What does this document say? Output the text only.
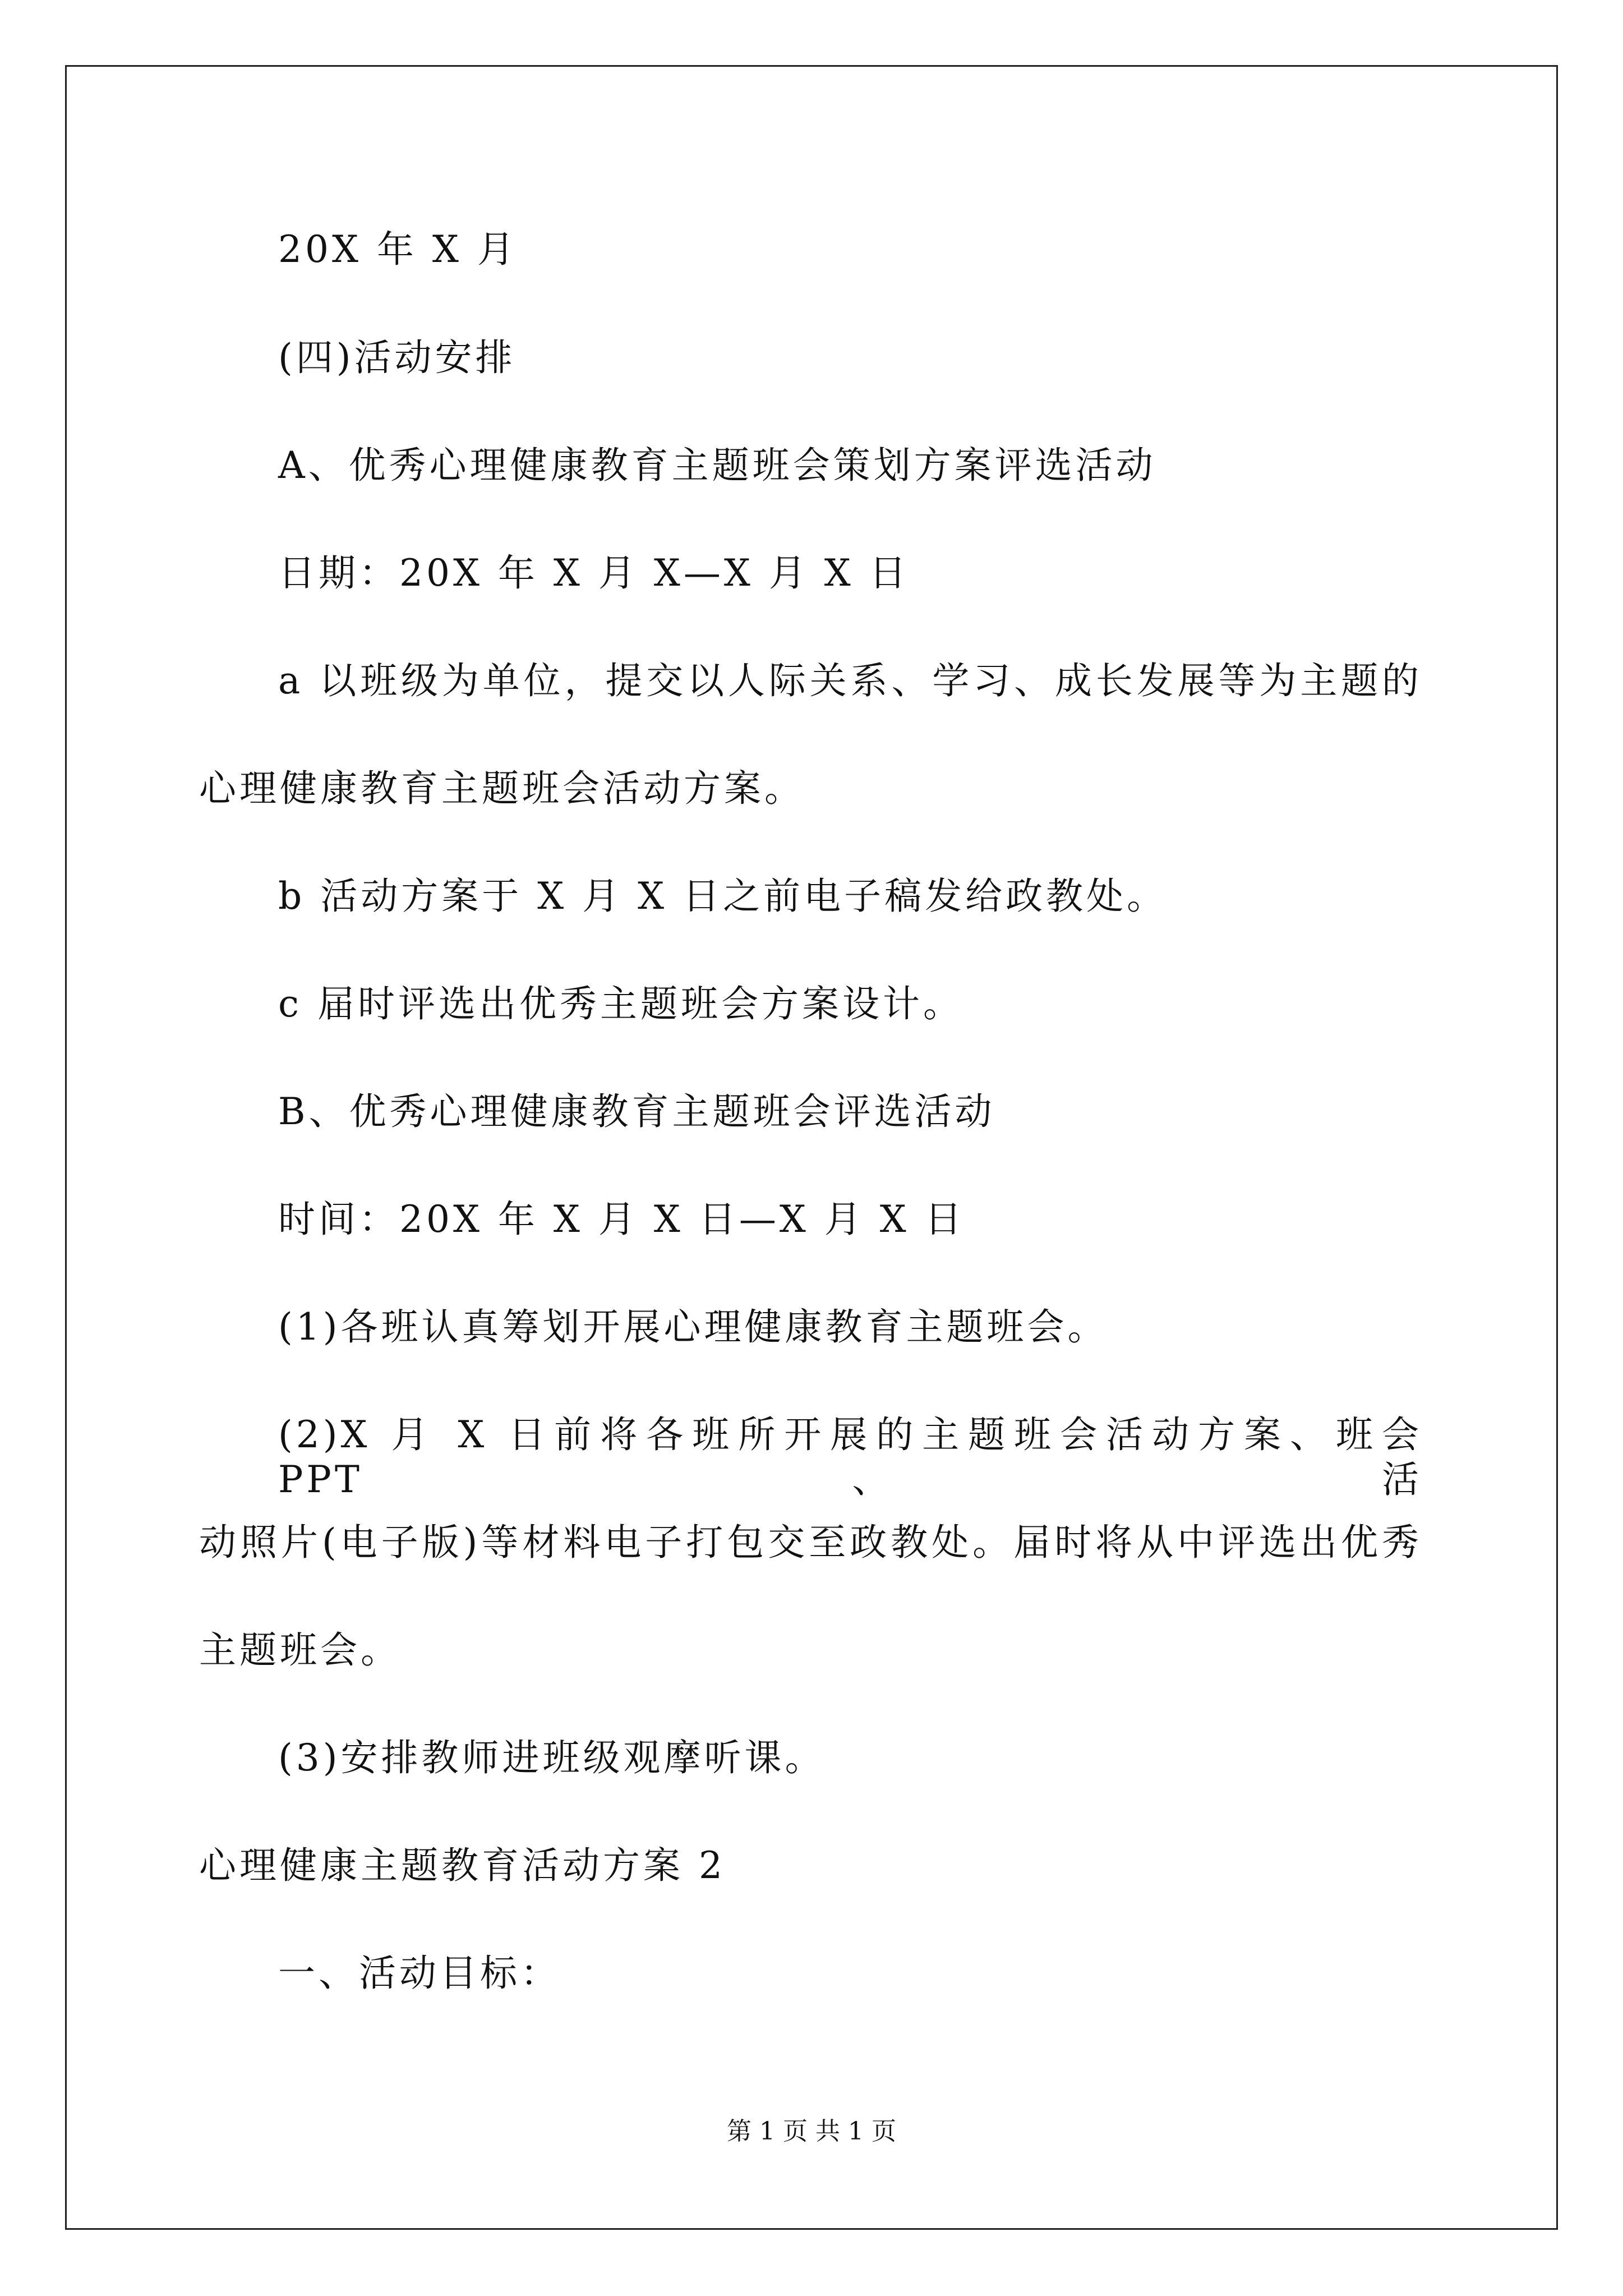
20X 年 X 月
(四)活动安排
A、优秀心理健康教育主题班会策划方案评选活动
日期：20X 年 X 月 X—X 月 X 日
a 以班级为单位，提交以人际关系、学习、成长发展等为主题的
心理健康教育主题班会活动方案。
b 活动方案于 X 月 X 日之前电子稿发给政教处。
c 届时评选出优秀主题班会方案设计。
B、优秀心理健康教育主题班会评选活动
时间：20X 年 X 月 X 日—X 月 X 日
(1)各班认真筹划开展心理健康教育主题班会。
(2)X 月 X 日前将各班所开展的主题班会活动方案、班会 PPT、活
动照片(电子版)等材料电子打包交至政教处。届时将从中评选出优秀
主题班会。
(3)安排教师进班级观摩听课。
心理健康主题教育活动方案 2
一、活动目标：
第 1 页 共 1 页
